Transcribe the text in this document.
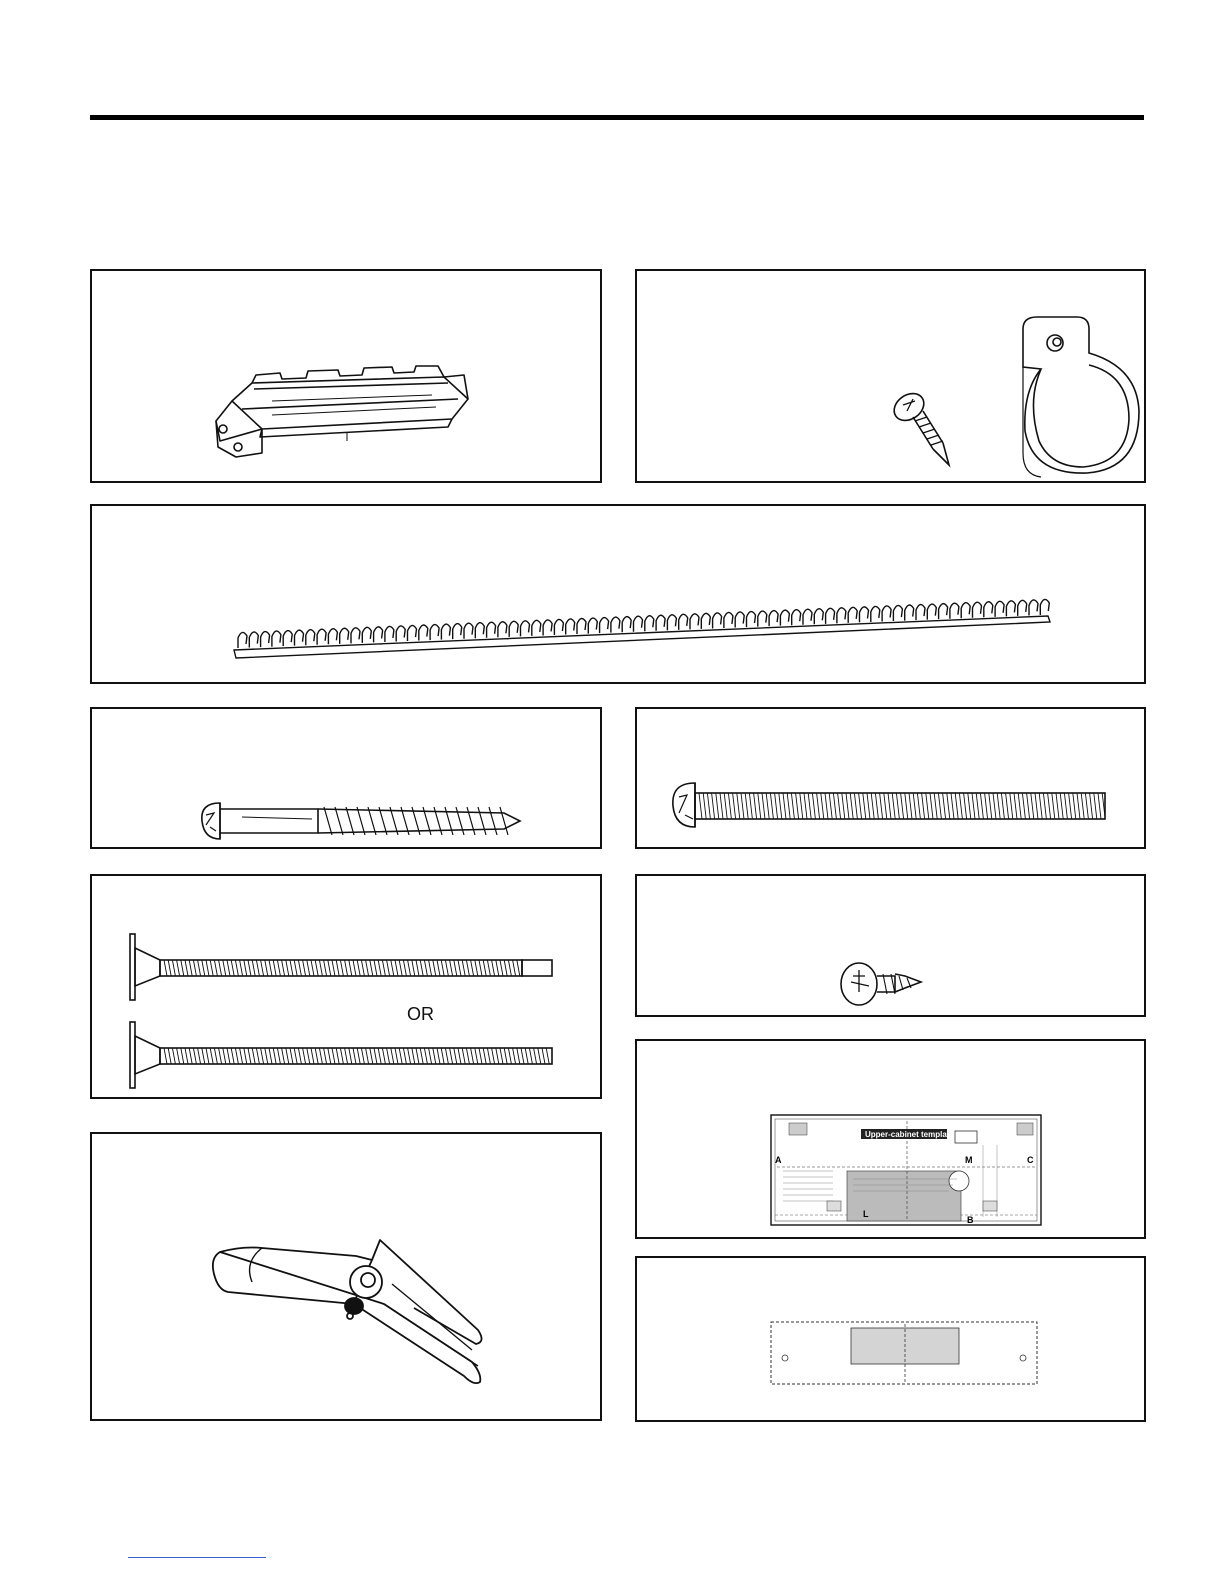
OR
Upper-cabinet template
A
B
C
L
M
